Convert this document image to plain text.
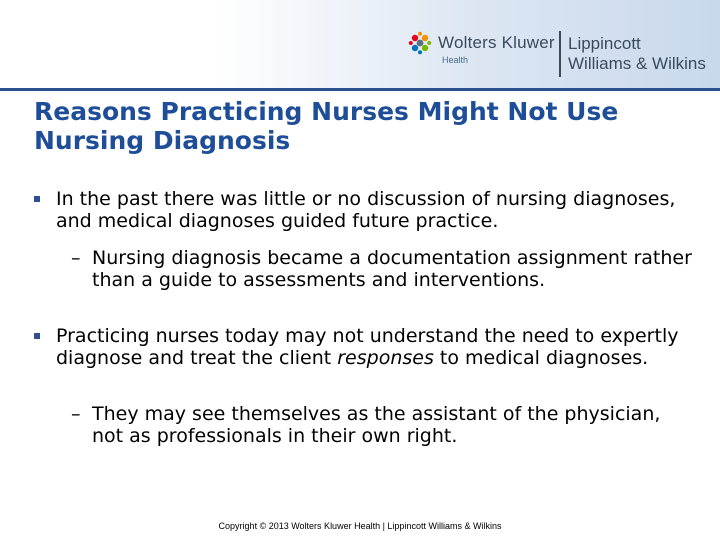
Wolters Kluwer
Health
Lippincott
Williams & Wilkins
Reasons Practicing Nurses Might Not Use Nursing Diagnosis

In the past there was little or no discussion of nursing diagnoses, and medical diagnoses guided future practice.

– Nursing diagnosis became a documentation assignment rather than a guide to assessments and interventions.

Practicing nurses today may not understand the need to expertly diagnose and treat the client responses to medical diagnoses.

– They may see themselves as the assistant of the physician, not as professionals in their own right.

Copyright © 2013 Wolters Kluwer Health | Lippincott Williams & Wilkins
